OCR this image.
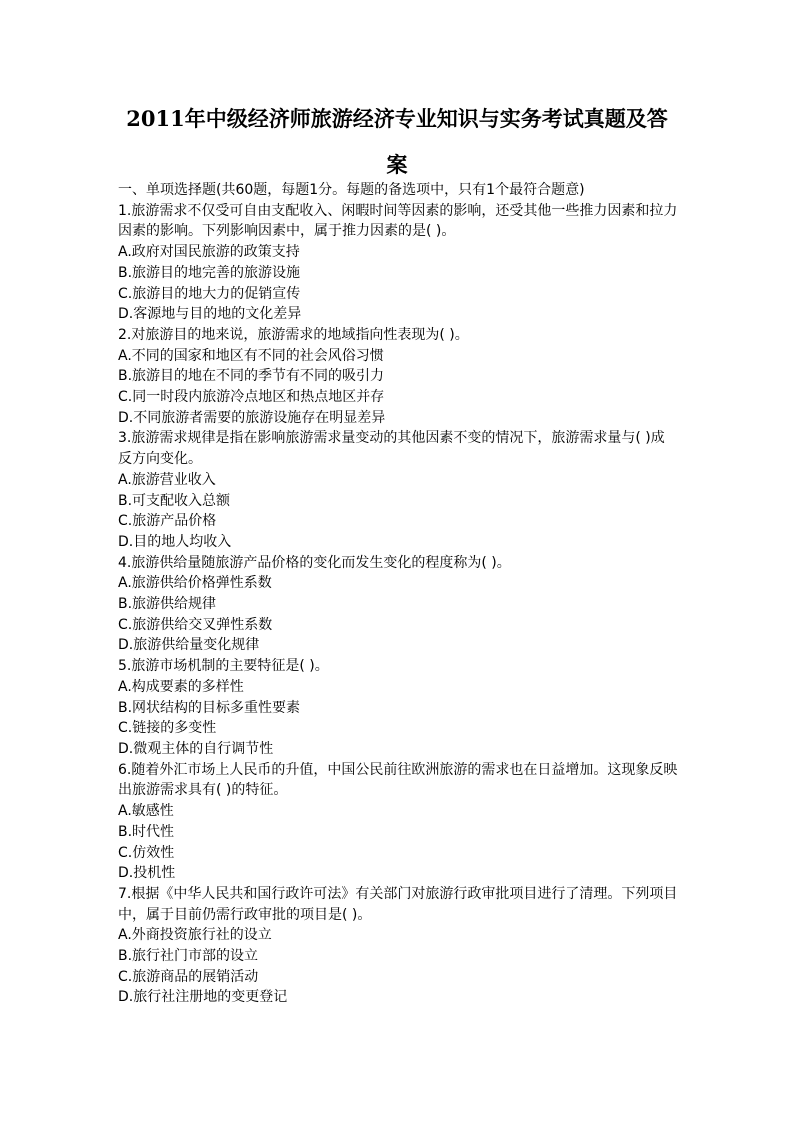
2011年中级经济师旅游经济专业知识与实务考试真题及答案

一、单项选择题(共60题，每题1分。每题的备选项中，只有1个最符合题意)

1.旅游需求不仅受可自由支配收入、闲暇时间等因素的影响，还受其他一些推力因素和拉力因素的影响。下列影响因素中，属于推力因素的是( )。

A.政府对国民旅游的政策支持

B.旅游目的地完善的旅游设施

C.旅游目的地大力的促销宣传

D.客源地与目的地的文化差异

2.对旅游目的地来说，旅游需求的地域指向性表现为( )。

A.不同的国家和地区有不同的社会风俗习惯

B.旅游目的地在不同的季节有不同的吸引力

C.同一时段内旅游冷点地区和热点地区并存

D.不同旅游者需要的旅游设施存在明显差异

3.旅游需求规律是指在影响旅游需求量变动的其他因素不变的情况下，旅游需求量与( )成反方向变化。

A.旅游营业收入

B.可支配收入总额

C.旅游产品价格

D.目的地人均收入

4.旅游供给量随旅游产品价格的变化而发生变化的程度称为( )。

A.旅游供给价格弹性系数

B.旅游供给规律

C.旅游供给交叉弹性系数

D.旅游供给量变化规律

5.旅游市场机制的主要特征是( )。

A.构成要素的多样性

B.网状结构的目标多重性要素

C.链接的多变性

D.微观主体的自行调节性

6.随着外汇市场上人民币的升值，中国公民前往欧洲旅游的需求也在日益增加。这现象反映出旅游需求具有( )的特征。

A.敏感性

B.时代性

C.仿效性

D.投机性

7.根据《中华人民共和国行政许可法》有关部门对旅游行政审批项目进行了清理。下列项目中，属于目前仍需行政审批的项目是( )。

A.外商投资旅行社的设立

B.旅行社门市部的设立

C.旅游商品的展销活动

D.旅行社注册地的变更登记
